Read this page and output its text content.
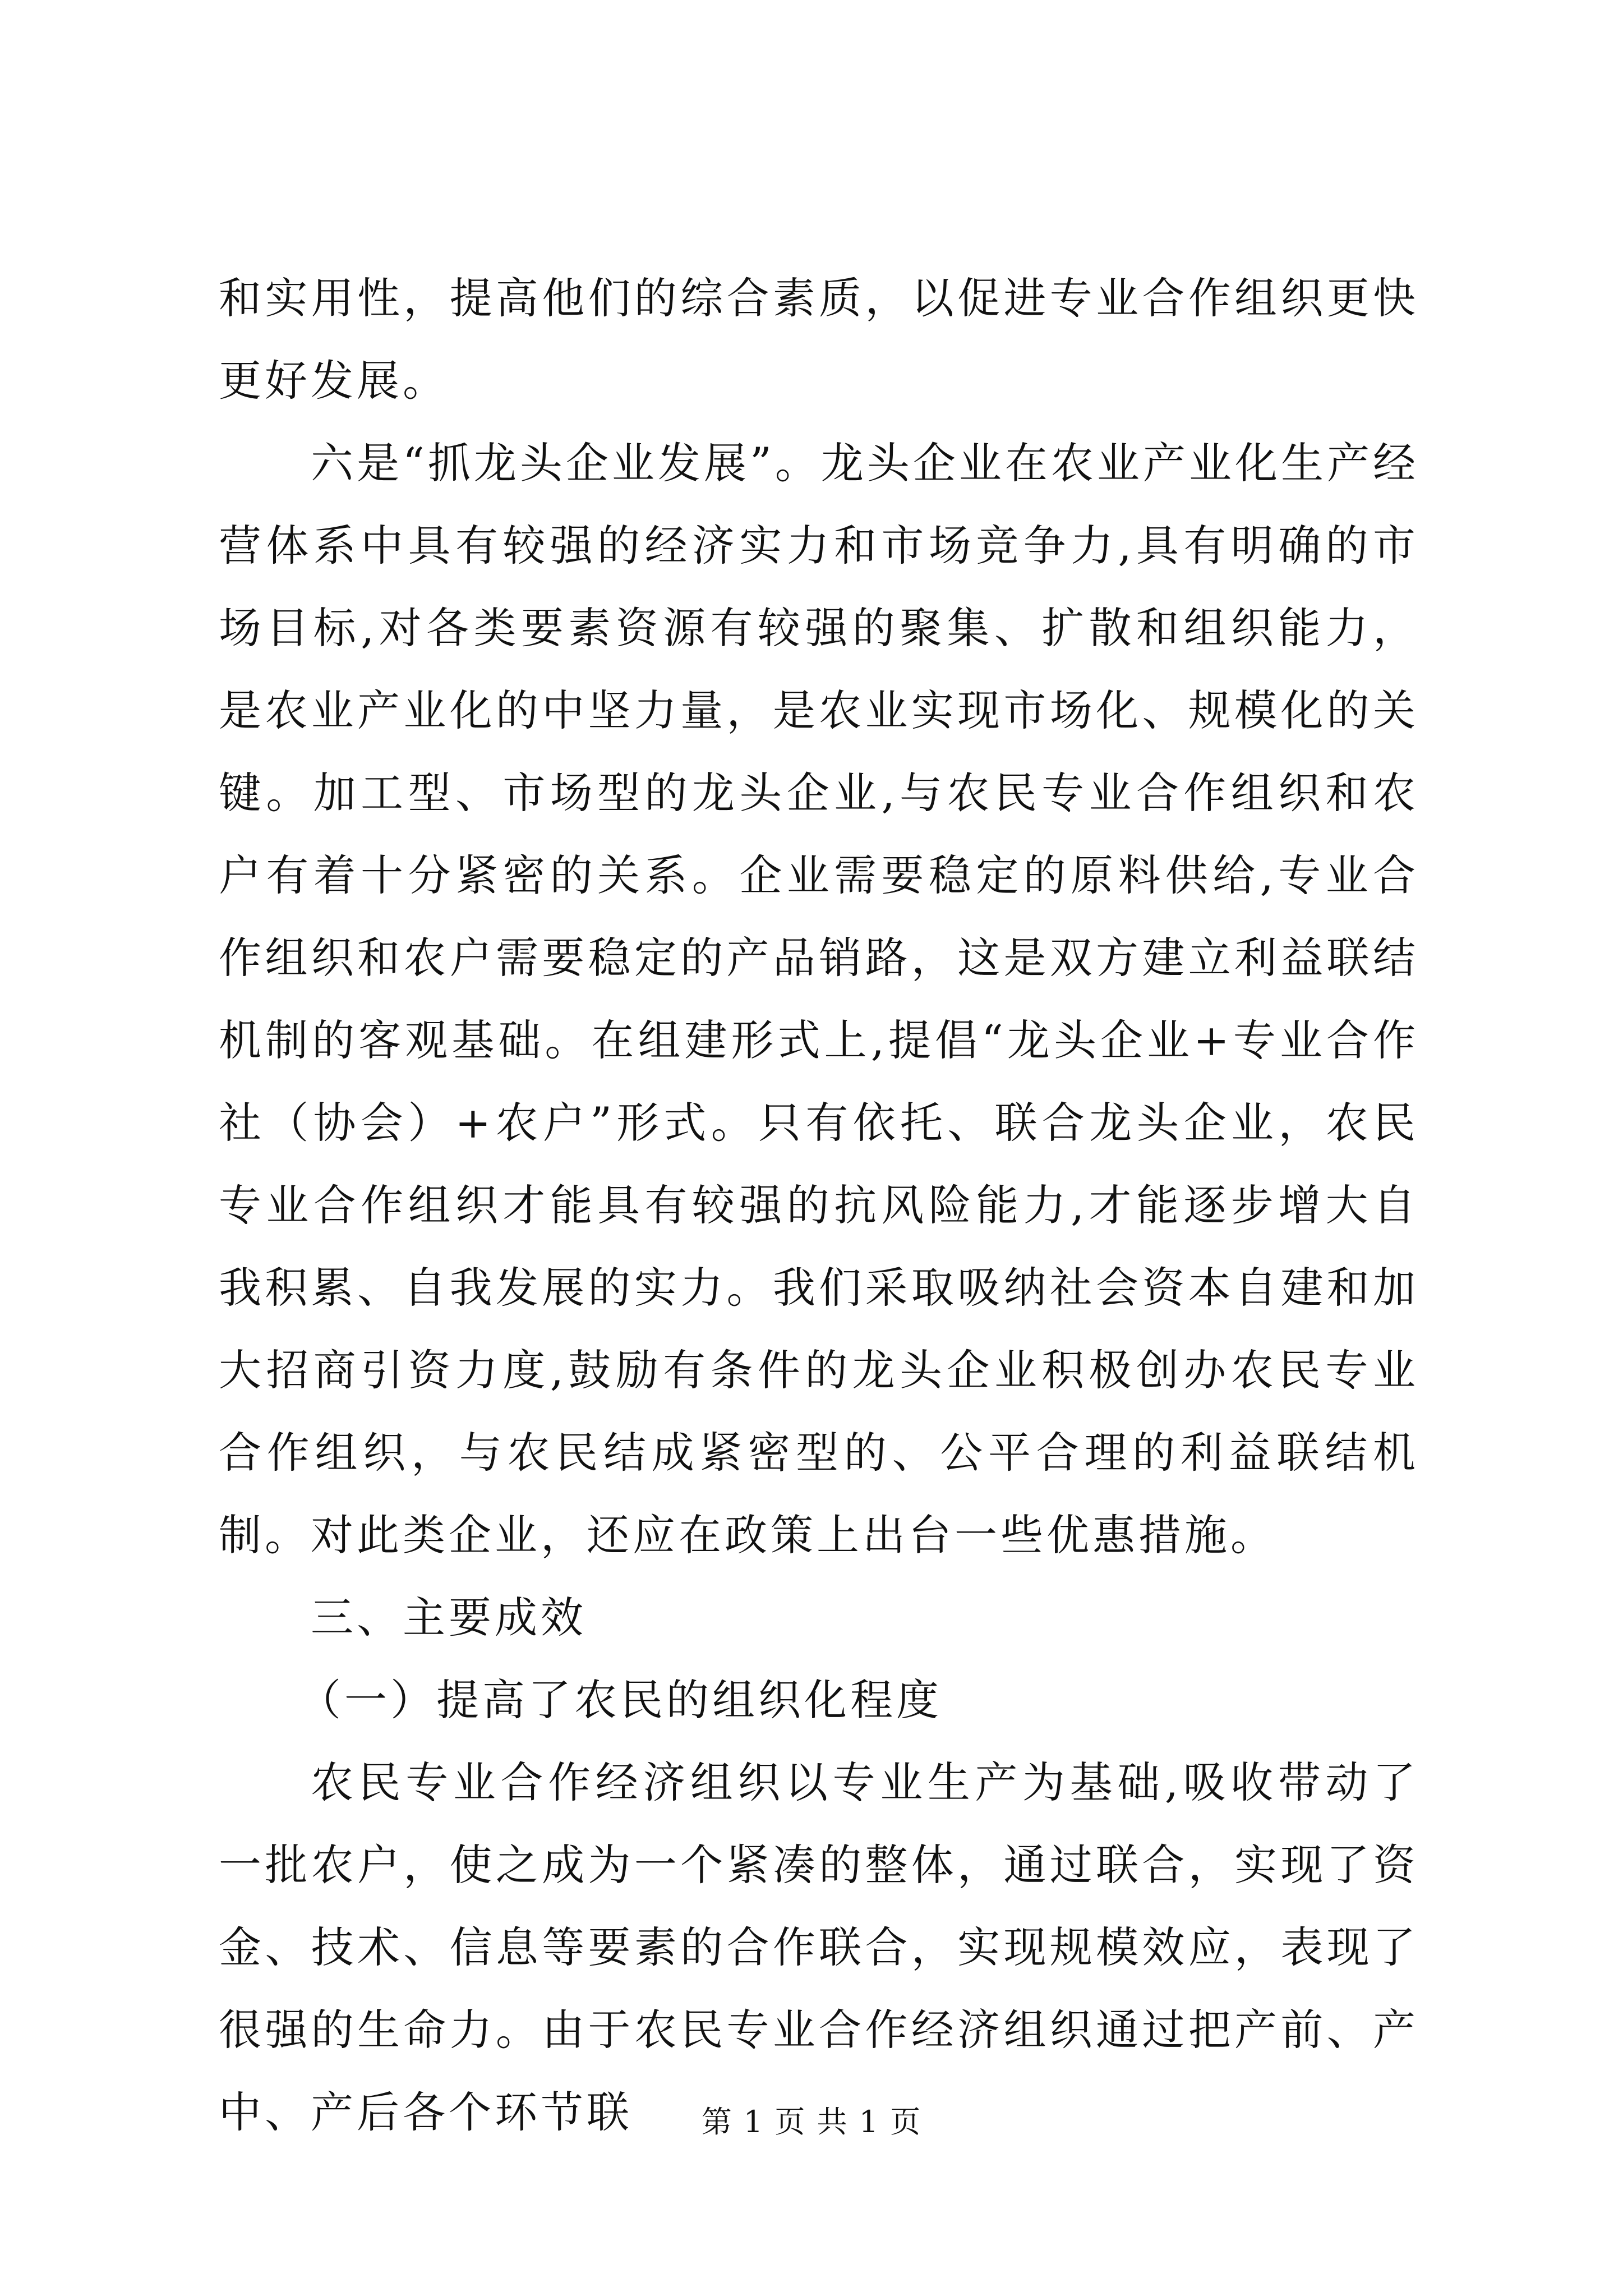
和实用性，提高他们的综合素质，以促进专业合作组织更快更好发展。

六是“抓龙头企业发展”。龙头企业在农业产业化生产经营体系中具有较强的经济实力和市场竞争力,具有明确的市场目标,对各类要素资源有较强的聚集、扩散和组织能力，是农业产业化的中坚力量，是农业实现市场化、规模化的关键。加工型、市场型的龙头企业,与农民专业合作组织和农户有着十分紧密的关系。企业需要稳定的原料供给,专业合作组织和农户需要稳定的产品销路，这是双方建立利益联结机制的客观基础。在组建形式上,提倡“龙头企业+专业合作社（协会）+农户”形式。只有依托、联合龙头企业，农民专业合作组织才能具有较强的抗风险能力,才能逐步增大自我积累、自我发展的实力。我们采取吸纳社会资本自建和加大招商引资力度,鼓励有条件的龙头企业积极创办农民专业合作组织，与农民结成紧密型的、公平合理的利益联结机制。对此类企业，还应在政策上出台一些优惠措施。

三、主要成效

（一）提高了农民的组织化程度

农民专业合作经济组织以专业生产为基础,吸收带动了一批农户，使之成为一个紧凑的整体，通过联合，实现了资金、技术、信息等要素的合作联合，实现规模效应，表现了很强的生命力。由于农民专业合作经济组织通过把产前、产中、产后各个环节联	第 1 页 共 1 页
